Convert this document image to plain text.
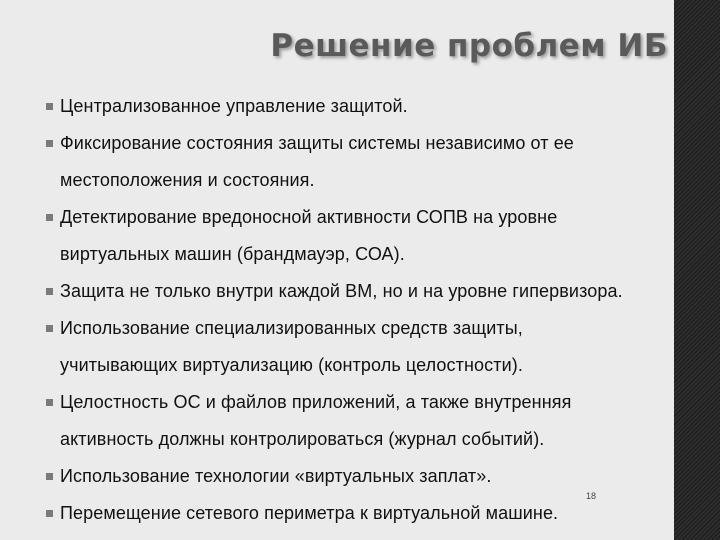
Решение проблем ИБ
Централизованное управление защитой.
Фиксирование состояния защиты системы независимо от ее
местоположения и состояния.
Детектирование вредоносной активности СОПВ на уровне
виртуальных машин (брандмауэр, СОА).
Защита не только внутри каждой ВМ, но и на уровне гипервизора.
Использование специализированных средств защиты,
учитывающих виртуализацию (контроль целостности).
Целостность ОС и файлов приложений, а также внутренняя
активность должны контролироваться (журнал событий).
Использование технологии «виртуальных заплат».
Перемещение сетевого периметра к виртуальной машине.
18
